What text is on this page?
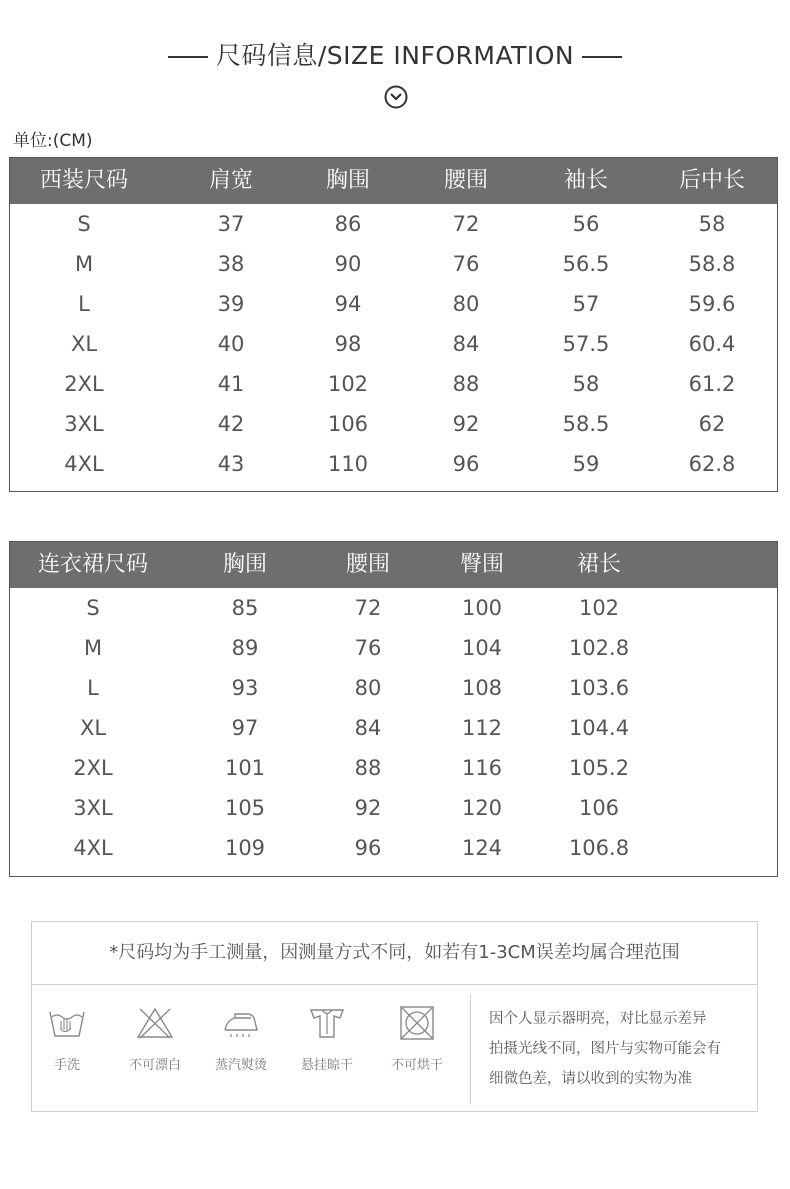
尺码信息/SIZE INFORMATION
单位:(CM)
西装尺码	肩宽	胸围	腰围	袖长	后中长
S	37	86	72	56	58
M	38	90	76	56.5	58.8
L	39	94	80	57	59.6
XL	40	98	84	57.5	60.4
2XL	41	102	88	58	61.2
3XL	42	106	92	58.5	62
4XL	43	110	96	59	62.8
连衣裙尺码	胸围	腰围	臀围	裙长
S	85	72	100	102
M	89	76	104	102.8
L	93	80	108	103.6
XL	97	84	112	104.4
2XL	101	88	116	105.2
3XL	105	92	120	106
4XL	109	96	124	106.8
*尺码均为手工测量，因测量方式不同，如若有1-3CM误差均属合理范围
手洗	不可漂白	蒸汽熨烫	悬挂晾干	不可烘干
因个人显示器明亮，对比显示差异
拍摄光线不同，图片与实物可能会有
细微色差，请以收到的实物为准
